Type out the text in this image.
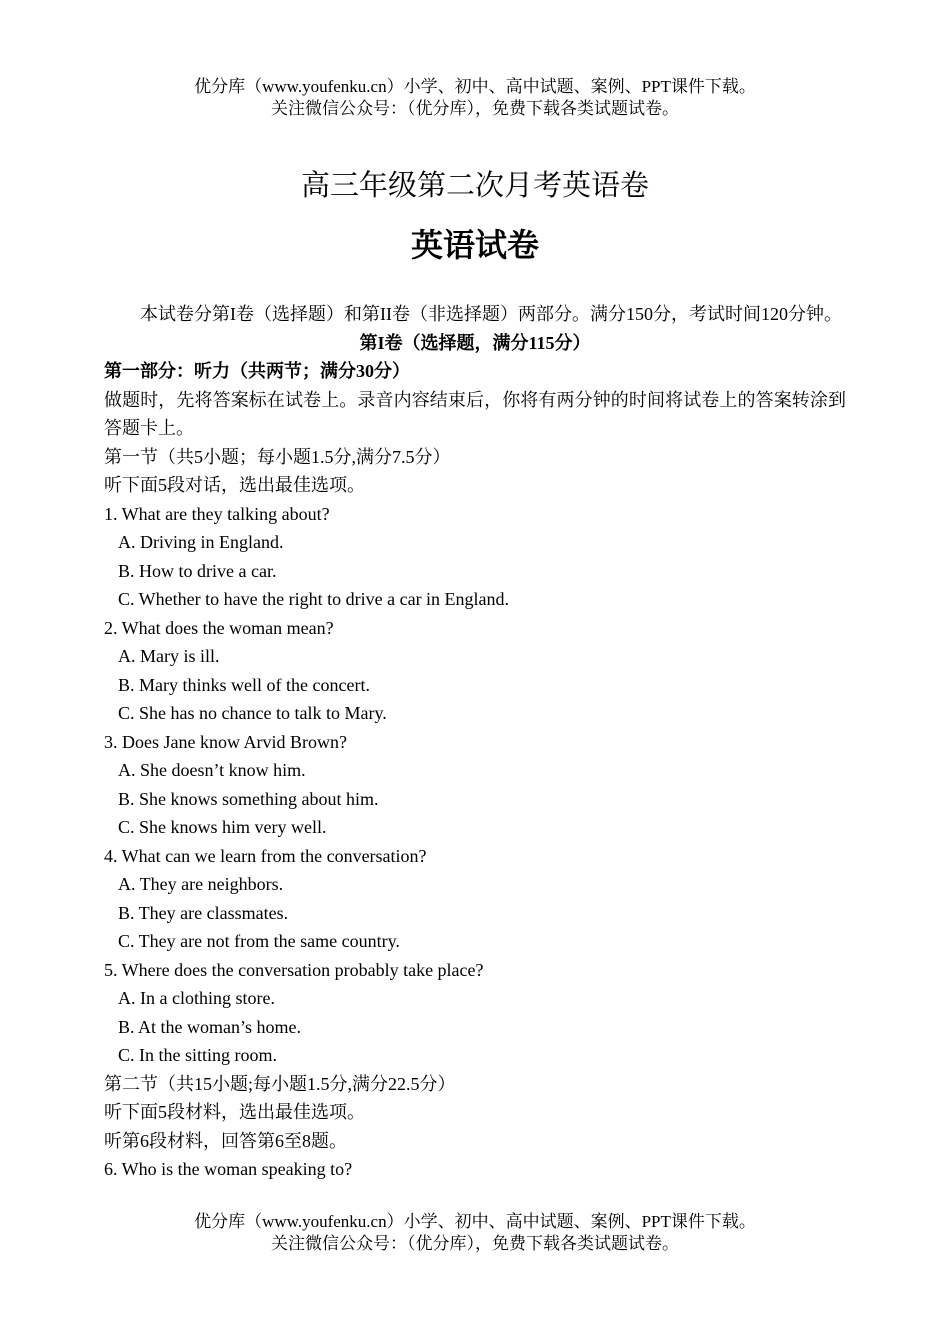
优分库（www.youfenku.cn）小学、初中、高中试题、案例、PPT课件下载。
关注微信公众号：（优分库），免费下载各类试题试卷。
高三年级第二次月考英语卷
英语试卷

本试卷分第I卷（选择题）和第II卷（非选择题）两部分。满分150分，考试时间120分钟。

第I卷（选择题，满分115分）

第一部分：听力（共两节；满分30分）

做题时，先将答案标在试卷上。录音内容结束后，你将有两分钟的时间将试卷上的答案转涂到答题卡上。

第一节（共5小题；每小题1.5分,满分7.5分）

听下面5段对话，选出最佳选项。

1. What are they talking about?

A. Driving in England.

B. How to drive a car.

C. Whether to have the right to drive a car in England.

2. What does the woman mean?

A. Mary is ill.

B. Mary thinks well of the concert.

C. She has no chance to talk to Mary.

3. Does Jane know Arvid Brown?

A. She doesn’t know him.

B. She knows something about him.

C. She knows him very well.

4. What can we learn from the conversation?

A. They are neighbors.

B. They are classmates.

C. They are not from the same country.

5. Where does the conversation probably take place?

A. In a clothing store.

B. At the woman’s home.

C. In the sitting room.

第二节（共15小题;每小题1.5分,满分22.5分）

听下面5段材料，选出最佳选项。

听第6段材料，回答第6至8题。

6. Who is the woman speaking to?

优分库（www.youfenku.cn）小学、初中、高中试题、案例、PPT课件下载。
关注微信公众号：（优分库），免费下载各类试题试卷。
